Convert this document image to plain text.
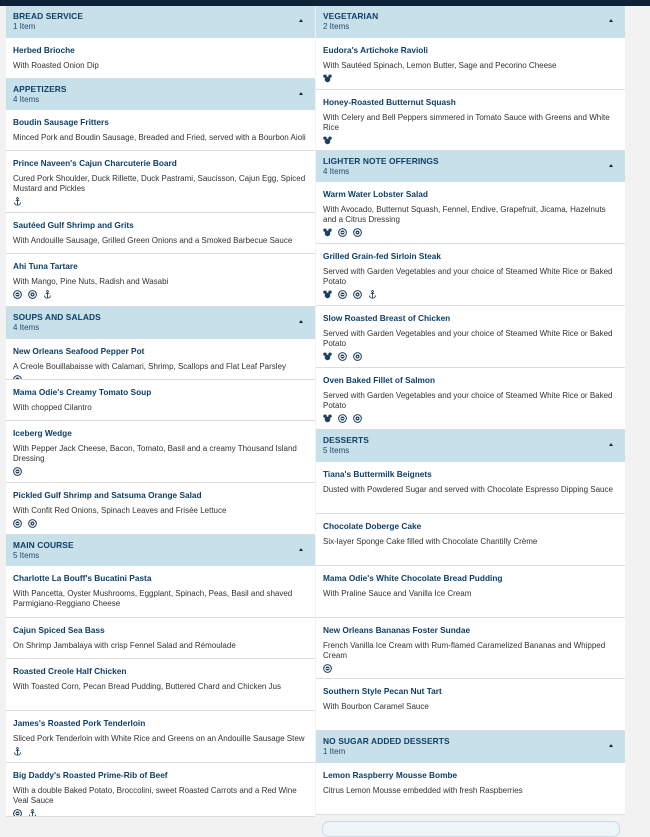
BREAD SERVICE
1 Item
Herbed Brioche
With Roasted Onion Dip
APPETIZERS
4 Items
Boudin Sausage Fritters
Minced Pork and Boudin Sausage, Breaded and Fried, served with a Bourbon Aioli
Prince Naveen's Cajun Charcuterie Board
Cured Pork Shoulder, Duck Rillette, Duck Pastrami, Saucisson, Cajun Egg, Spiced Mustard and Pickles
Sautéed Gulf Shrimp and Grits
With Andouille Sausage, Grilled Green Onions and a Smoked Barbecue Sauce
Ahi Tuna Tartare
With Mango, Pine Nuts, Radish and Wasabi
SOUPS AND SALADS
4 Items
New Orleans Seafood Pepper Pot
A Creole Bouillabaisse with Calamari, Shrimp, Scallops and Flat Leaf Parsley
Mama Odie's Creamy Tomato Soup
With chopped Cilantro
Iceberg Wedge
With Pepper Jack Cheese, Bacon, Tomato, Basil and a creamy Thousand Island Dressing
Pickled Gulf Shrimp and Satsuma Orange Salad
With Confit Red Onions, Spinach Leaves and Frisée Lettuce
MAIN COURSE
5 Items
Charlotte La Bouff's Bucatini Pasta
With Pancetta, Oyster Mushrooms, Eggplant, Spinach, Peas, Basil and shaved Parmigiano-Reggiano Cheese
Cajun Spiced Sea Bass
On Shrimp Jambalaya with crisp Fennel Salad and Rémoulade
Roasted Creole Half Chicken
With Toasted Corn, Pecan Bread Pudding, Buttered Chard and Chicken Jus
James's Roasted Pork Tenderloin
Sliced Pork Tenderloin with White Rice and Greens on an Andouille Sausage Stew
Big Daddy's Roasted Prime-Rib of Beef
With a double Baked Potato, Broccolini, sweet Roasted Carrots and a Red Wine Veal Sauce
VEGETARIAN
2 Items
Eudora's Artichoke Ravioli
With Sautéed Spinach, Lemon Butter, Sage and Pecorino Cheese
Honey-Roasted Butternut Squash
With Celery and Bell Peppers simmered in Tomato Sauce with Greens and White Rice
LIGHTER NOTE OFFERINGS
4 Items
Warm Water Lobster Salad
With Avocado, Butternut Squash, Fennel, Endive, Grapefruit, Jicama, Hazelnuts and a Citrus Dressing
Grilled Grain-fed Sirloin Steak
Served with Garden Vegetables and your choice of Steamed White Rice or Baked Potato
Slow Roasted Breast of Chicken
Served with Garden Vegetables and your choice of Steamed White Rice or Baked Potato
Oven Baked Fillet of Salmon
Served with Garden Vegetables and your choice of Steamed White Rice or Baked Potato
DESSERTS
5 Items
Tiana's Buttermilk Beignets
Dusted with Powdered Sugar and served with Chocolate Espresso Dipping Sauce
Chocolate Doberge Cake
Six-layer Sponge Cake filled with Chocolate Chantilly Crème
Mama Odie's White Chocolate Bread Pudding
With Praline Sauce and Vanilla Ice Cream
New Orleans Bananas Foster Sundae
French Vanilla Ice Cream with Rum-flamed Caramelized Bananas and Whipped Cream
Southern Style Pecan Nut Tart
With Bourbon Caramel Sauce
NO SUGAR ADDED DESSERTS
1 Item
Lemon Raspberry Mousse Bombe
Citrus Lemon Mousse embedded with fresh Raspberries
